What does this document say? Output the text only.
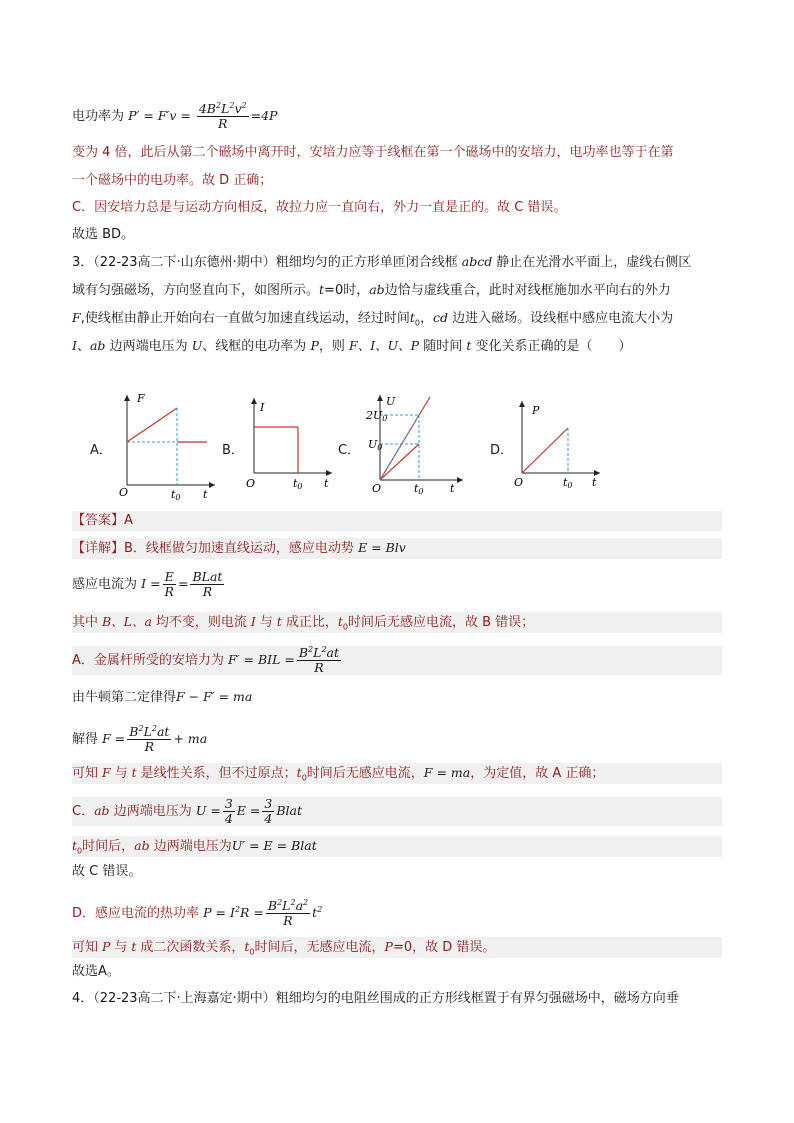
电功率为 $P' = F'v = \frac{4B^2L^2v^2}{R} =4P$
变为 4 倍，此后从第二个磁场中离开时，安培力应等于线框在第一个磁场中的安培力，电功率也等于在第
一个磁场中的电功率。故 D 正确；
C．因安培力总是与运动方向相反，故拉力应一直向右，外力一直是正的。故 C 错误。
故选 BD。
3．（22-23高二下·山东德州·期中）粗细均匀的正方形单匝闭合线框 abcd 静止在光滑水平面上，虚线右侧区
域有匀强磁场，方向竖直向下，如图所示。t=0时，ab边恰与虚线重合，此时对线框施加水平向右的外力
F,使线框由静止开始向右一直做匀加速直线运动，经过时间$t_0$，cd 边进入磁场。设线框中感应电流大小为
I、ab 边两端电压为 U、线框的电功率为 P，则 F、I、U、P 随时间 t 变化关系正确的是（　　）
A．	B．	C．	D．
F
O	t0 t
I
O	t0 t
U
2U0
U0
O	t0 t
P
O	t0 t
【答案】A
【详解】B．线框做匀加速直线运动，感应电动势 E = Blv
感应电流为 $I = \frac{E}{R} = \frac{\text{BLat}}{R}$
其中 B、L、a 均不变，则电流 I 与 t 成正比，$t_0$时间后无感应电流，故 B 错误；
A．金属杆所受的安培力为 F′ = BIL = $\frac{B^2L^2at}{R}$
由牛顿第二定律得F − F′ = ma
解得 $F = \frac{B^2L^2at}{R}$ + ma
可知 F 与 t 是线性关系，但不过原点；$t_0$时间后无感应电流，F = ma，为定值，故 A 正确；
C．ab 边两端电压为 $U = \frac{3}{4}$ $E = \frac{3}{4}$ Blat
$t_0$时间后，ab 边两端电压为U′ = E = Blat
故 C 错误。
D．感应电流的热功率 $P = I^2R = \frac{B^2L^2a^2}{R} t^2$
可知 P 与 t 成二次函数关系，$t_0$时间后，无感应电流，P=0，故 D 错误。
故选A。
4．（22-23高二下·上海嘉定·期中）粗细均匀的电阻丝围成的正方形线框置于有界匀强磁场中，磁场方向垂
